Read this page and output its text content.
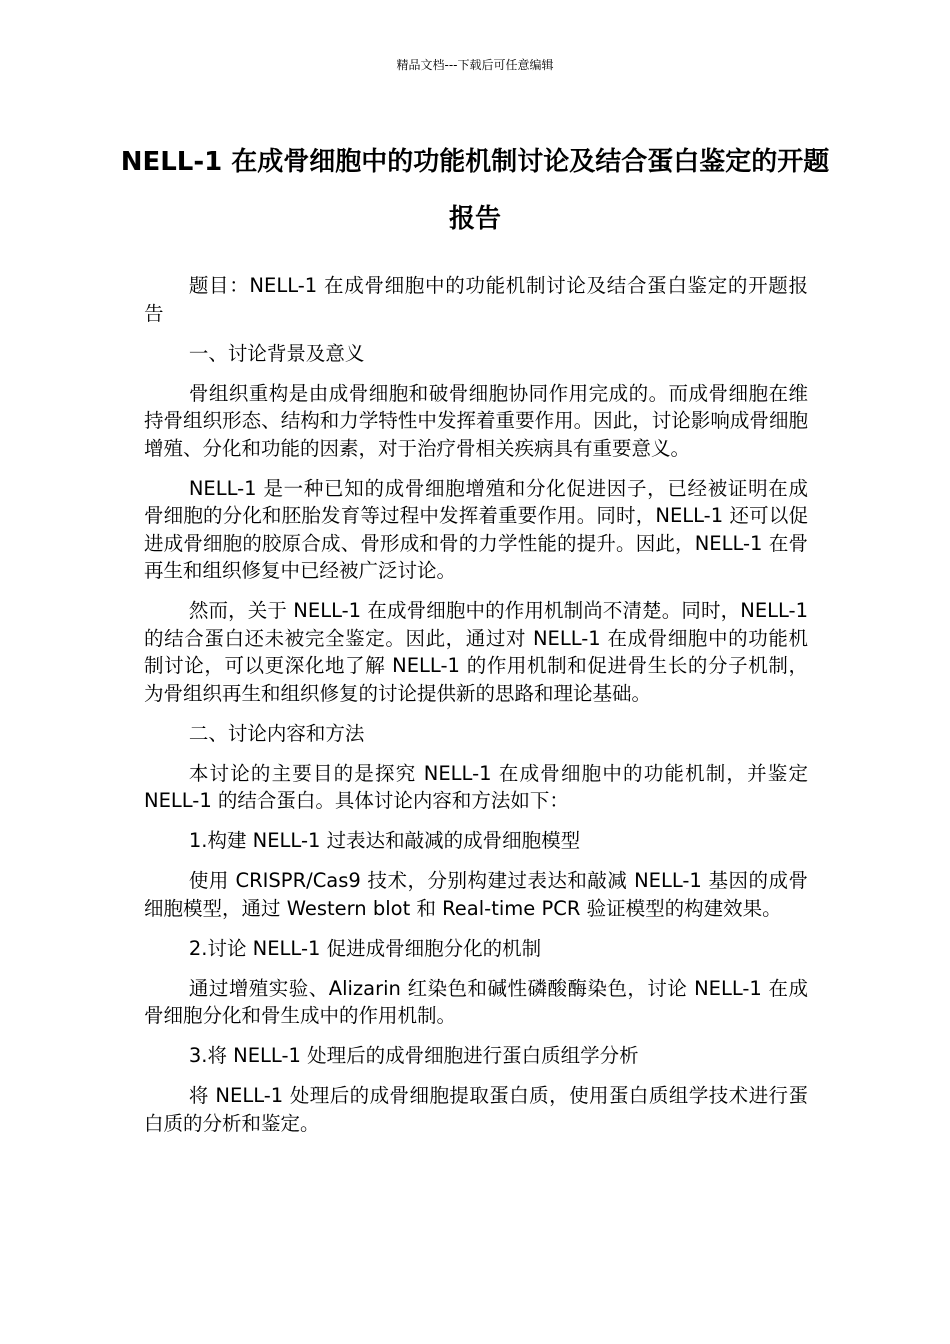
精品文档---下载后可任意编辑
NELL-1 在成骨细胞中的功能机制讨论及结合蛋白鉴定的开题报告

题目：NELL-1 在成骨细胞中的功能机制讨论及结合蛋白鉴定的开题报告

一、讨论背景及意义

骨组织重构是由成骨细胞和破骨细胞协同作用完成的。而成骨细胞在维持骨组织形态、结构和力学特性中发挥着重要作用。因此，讨论影响成骨细胞增殖、分化和功能的因素，对于治疗骨相关疾病具有重要意义。

NELL-1 是一种已知的成骨细胞增殖和分化促进因子，已经被证明在成骨细胞的分化和胚胎发育等过程中发挥着重要作用。同时，NELL-1 还可以促进成骨细胞的胶原合成、骨形成和骨的力学性能的提升。因此，NELL-1 在骨再生和组织修复中已经被广泛讨论。

然而，关于 NELL-1 在成骨细胞中的作用机制尚不清楚。同时，NELL-1 的结合蛋白还未被完全鉴定。因此，通过对 NELL-1 在成骨细胞中的功能机制讨论，可以更深化地了解 NELL-1 的作用机制和促进骨生长的分子机制，为骨组织再生和组织修复的讨论提供新的思路和理论基础。

二、讨论内容和方法

本讨论的主要目的是探究 NELL-1 在成骨细胞中的功能机制，并鉴定 NELL-1 的结合蛋白。具体讨论内容和方法如下：

1.构建 NELL-1 过表达和敲减的成骨细胞模型

使用 CRISPR/Cas9 技术，分别构建过表达和敲减 NELL-1 基因的成骨细胞模型，通过 Western blot 和 Real-time PCR 验证模型的构建效果。

2.讨论 NELL-1 促进成骨细胞分化的机制

通过增殖实验、Alizarin 红染色和碱性磷酸酶染色，讨论 NELL-1 在成骨细胞分化和骨生成中的作用机制。

3.将 NELL-1 处理后的成骨细胞进行蛋白质组学分析

将 NELL-1 处理后的成骨细胞提取蛋白质，使用蛋白质组学技术进行蛋白质的分析和鉴定。
